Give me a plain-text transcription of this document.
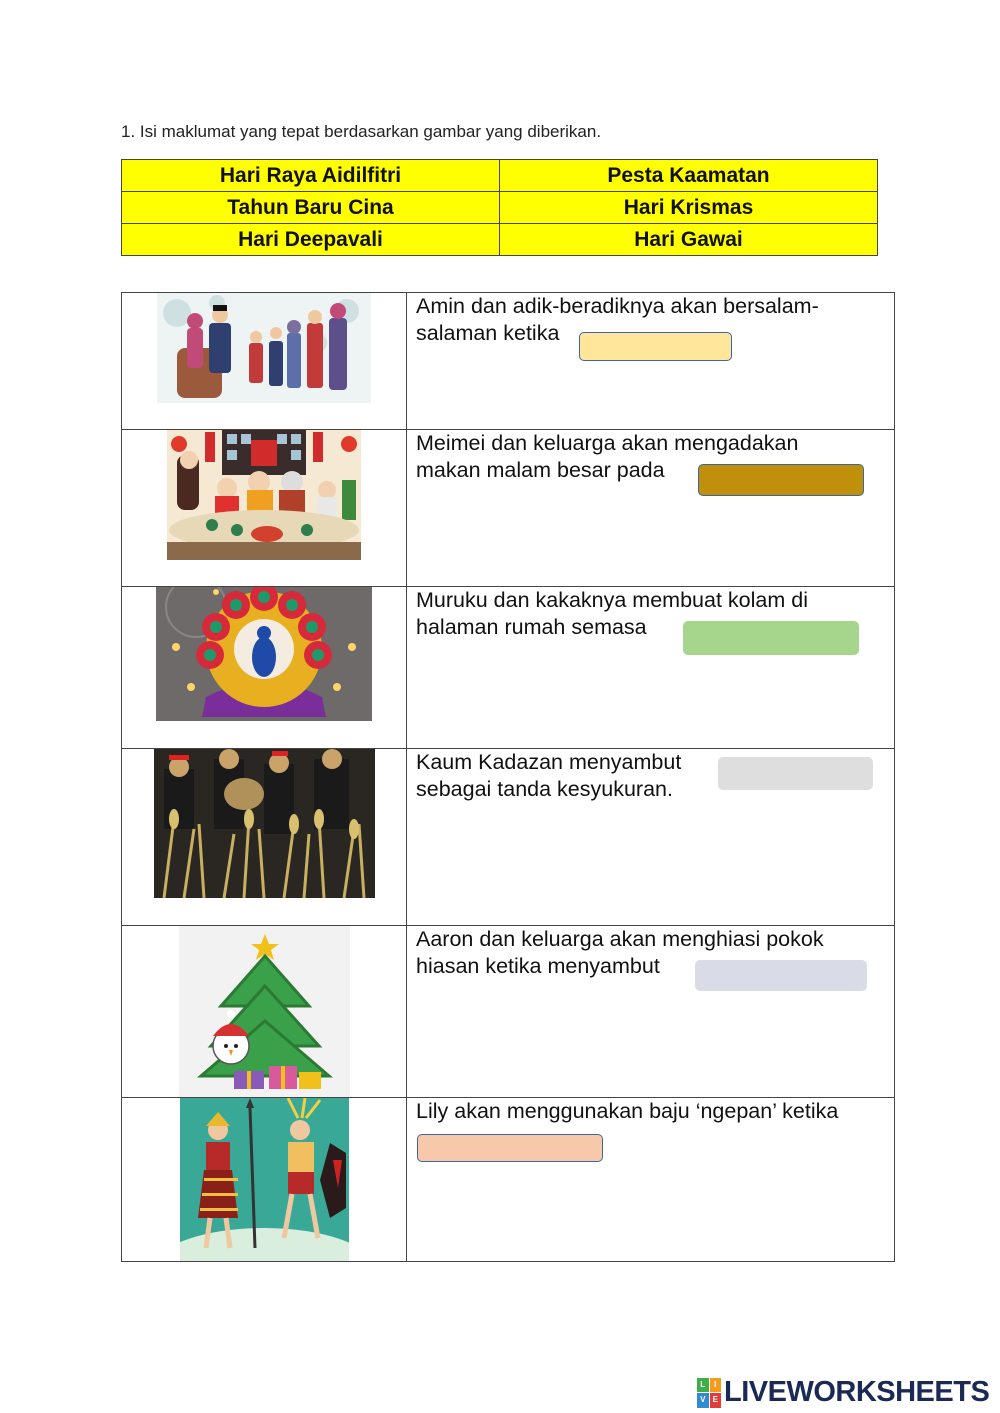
1. Isi maklumat yang tepat berdasarkan gambar yang diberikan.
Hari Raya Aidilfitri	Pesta Kaamatan
Tahun Baru Cina	Hari Krismas
Hari Deepavali	Hari Gawai

Amin dan adik-beradiknya akan bersalam-
salaman ketika

Meimei dan keluarga akan mengadakan
makan malam besar pada

Muruku dan kakaknya membuat kolam di
halaman rumah semasa

Kaum Kadazan menyambut
sebagai tanda kesyukuran.

Aaron dan keluarga akan menghiasi pokok
hiasan ketika menyambut

Lily akan menggunakan baju ‘ngepan’ ketika
L	I
V E LIVEWORKSHEETS
